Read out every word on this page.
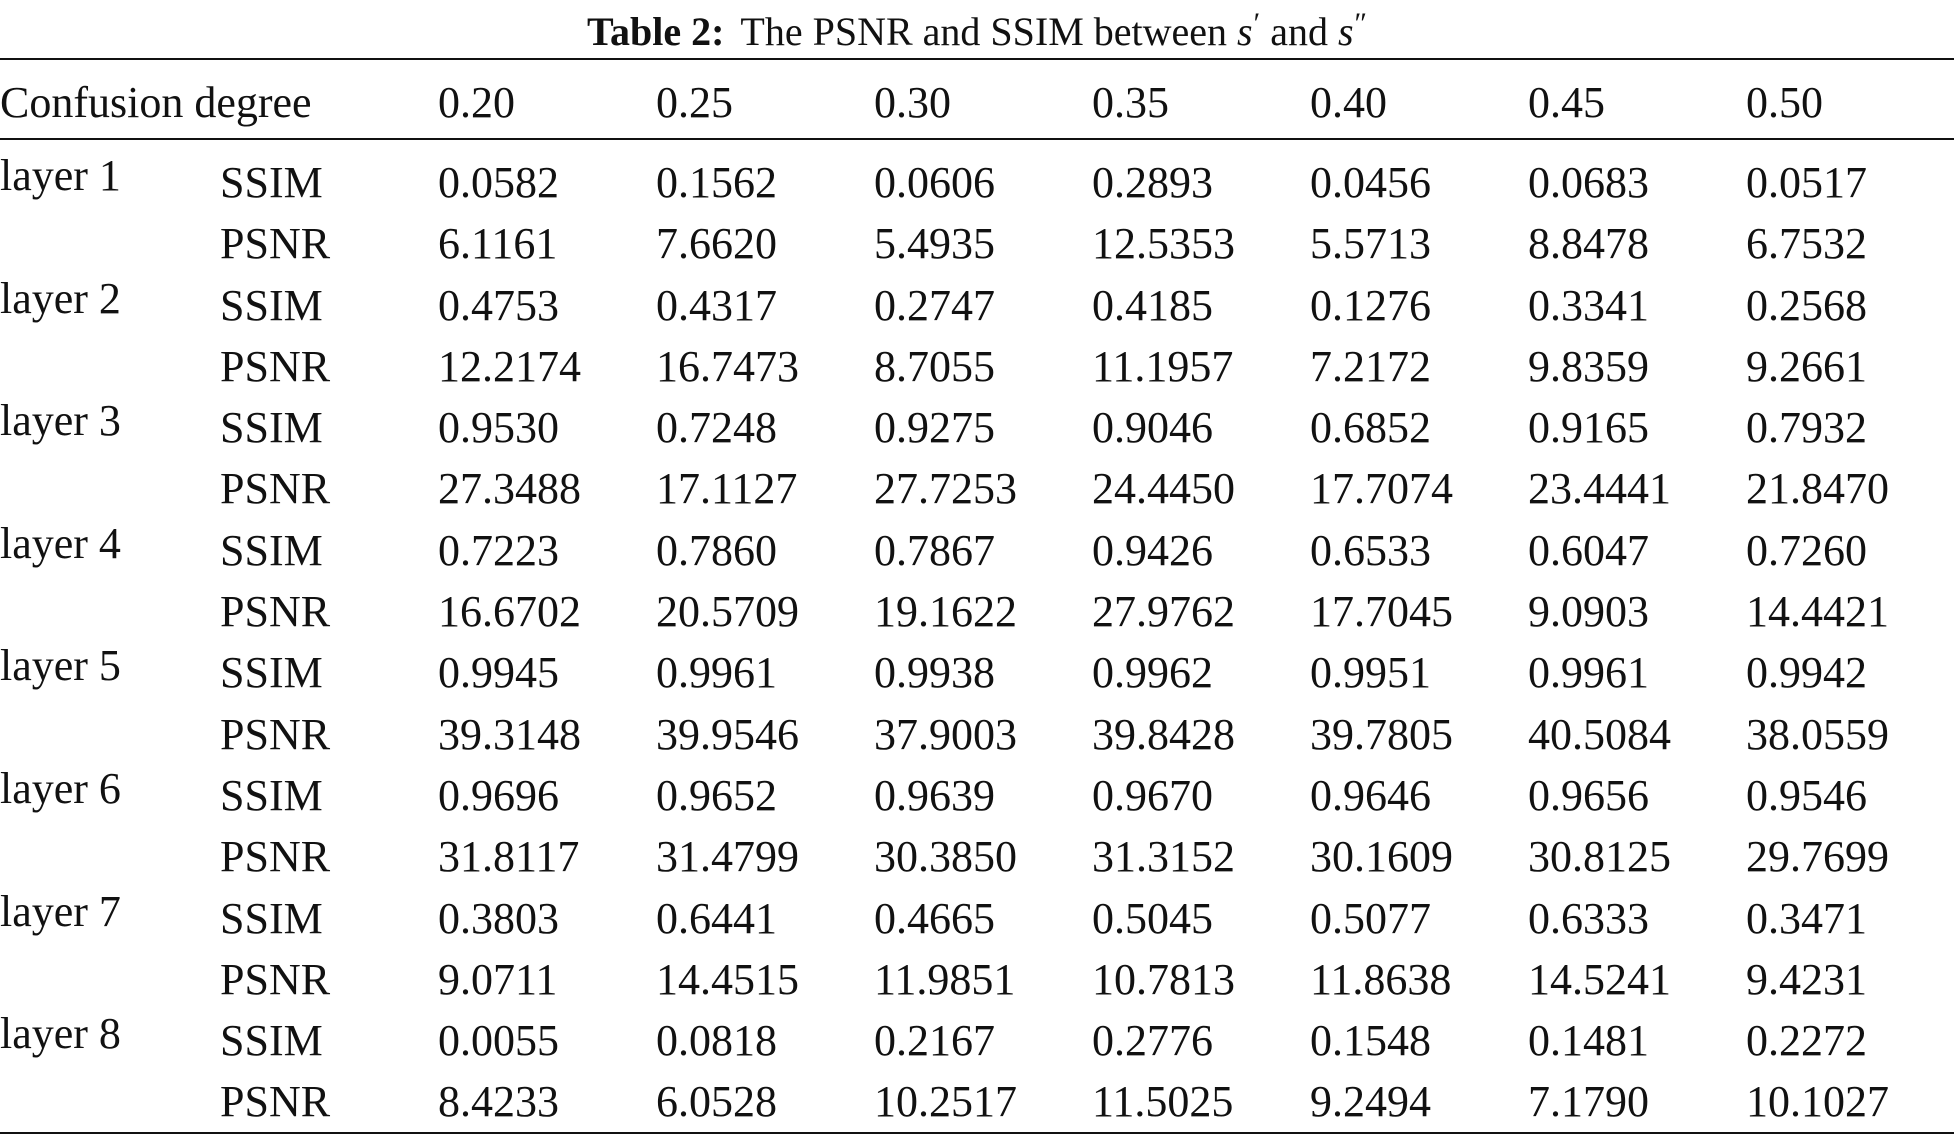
Table 2: The PSNR and SSIM between s′ and s″
Confusion degree		0.20	0.25	0.30	0.35	0.40	0.45	0.50

layer 1	SSIM	0.0582	0.1562	0.0606	0.2893	0.0456	0.0683	0.0517
	PSNR	6.1161	7.6620	5.4935	12.5353	5.5713	8.8478	6.7532
layer 2	SSIM	0.4753	0.4317	0.2747	0.4185	0.1276	0.3341	0.2568
	PSNR	12.2174	16.7473	8.7055	11.1957	7.2172	9.8359	9.2661
layer 3	SSIM	0.9530	0.7248	0.9275	0.9046	0.6852	0.9165	0.7932
	PSNR	27.3488	17.1127	27.7253	24.4450	17.7074	23.4441	21.8470
layer 4	SSIM	0.7223	0.7860	0.7867	0.9426	0.6533	0.6047	0.7260
	PSNR	16.6702	20.5709	19.1622	27.9762	17.7045	9.0903	14.4421
layer 5	SSIM	0.9945	0.9961	0.9938	0.9962	0.9951	0.9961	0.9942
	PSNR	39.3148	39.9546	37.9003	39.8428	39.7805	40.5084	38.0559
layer 6	SSIM	0.9696	0.9652	0.9639	0.9670	0.9646	0.9656	0.9546
	PSNR	31.8117	31.4799	30.3850	31.3152	30.1609	30.8125	29.7699
layer 7	SSIM	0.3803	0.6441	0.4665	0.5045	0.5077	0.6333	0.3471
	PSNR	9.0711	14.4515	11.9851	10.7813	11.8638	14.5241	9.4231
layer 8	SSIM	0.0055	0.0818	0.2167	0.2776	0.1548	0.1481	0.2272
	PSNR	8.4233	6.0528	10.2517	11.5025	9.2494	7.1790	10.1027
